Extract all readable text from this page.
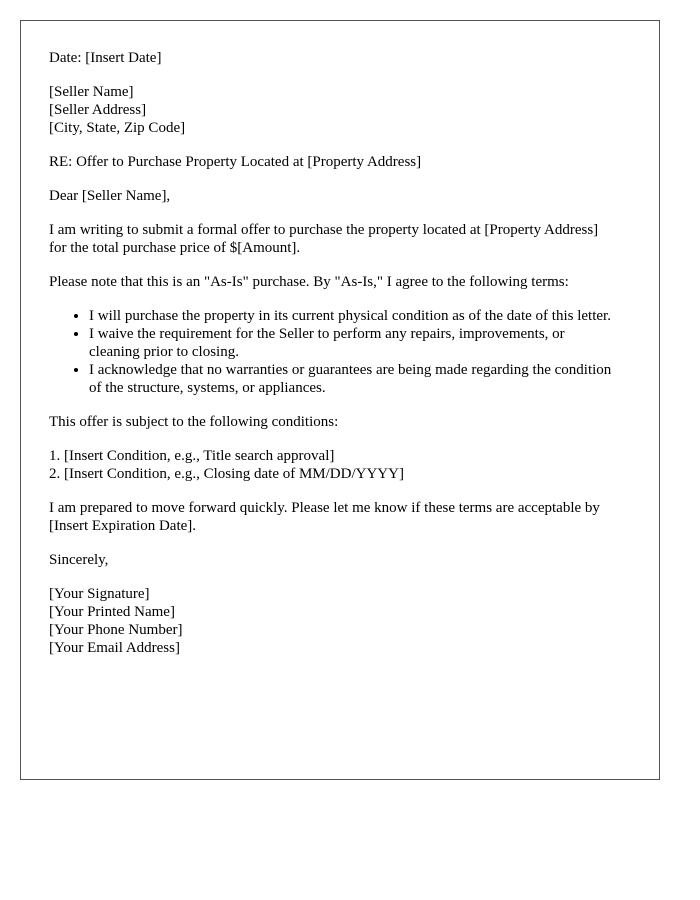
Date: [Insert Date]

[Seller Name]
[Seller Address]
[City, State, Zip Code]

RE: Offer to Purchase Property Located at [Property Address]

Dear [Seller Name],

I am writing to submit a formal offer to purchase the property located at [Property Address] for the total purchase price of $[Amount].

Please note that this is an "As-Is" purchase. By "As-Is," I agree to the following terms:

• I will purchase the property in its current physical condition as of the date of this letter.
• I waive the requirement for the Seller to perform any repairs, improvements, or cleaning prior to closing.
• I acknowledge that no warranties or guarantees are being made regarding the condition of the structure, systems, or appliances.

This offer is subject to the following conditions:

1. [Insert Condition, e.g., Title search approval]
2. [Insert Condition, e.g., Closing date of MM/DD/YYYY]

I am prepared to move forward quickly. Please let me know if these terms are acceptable by [Insert Expiration Date].

Sincerely,

[Your Signature]
[Your Printed Name]
[Your Phone Number]
[Your Email Address]
